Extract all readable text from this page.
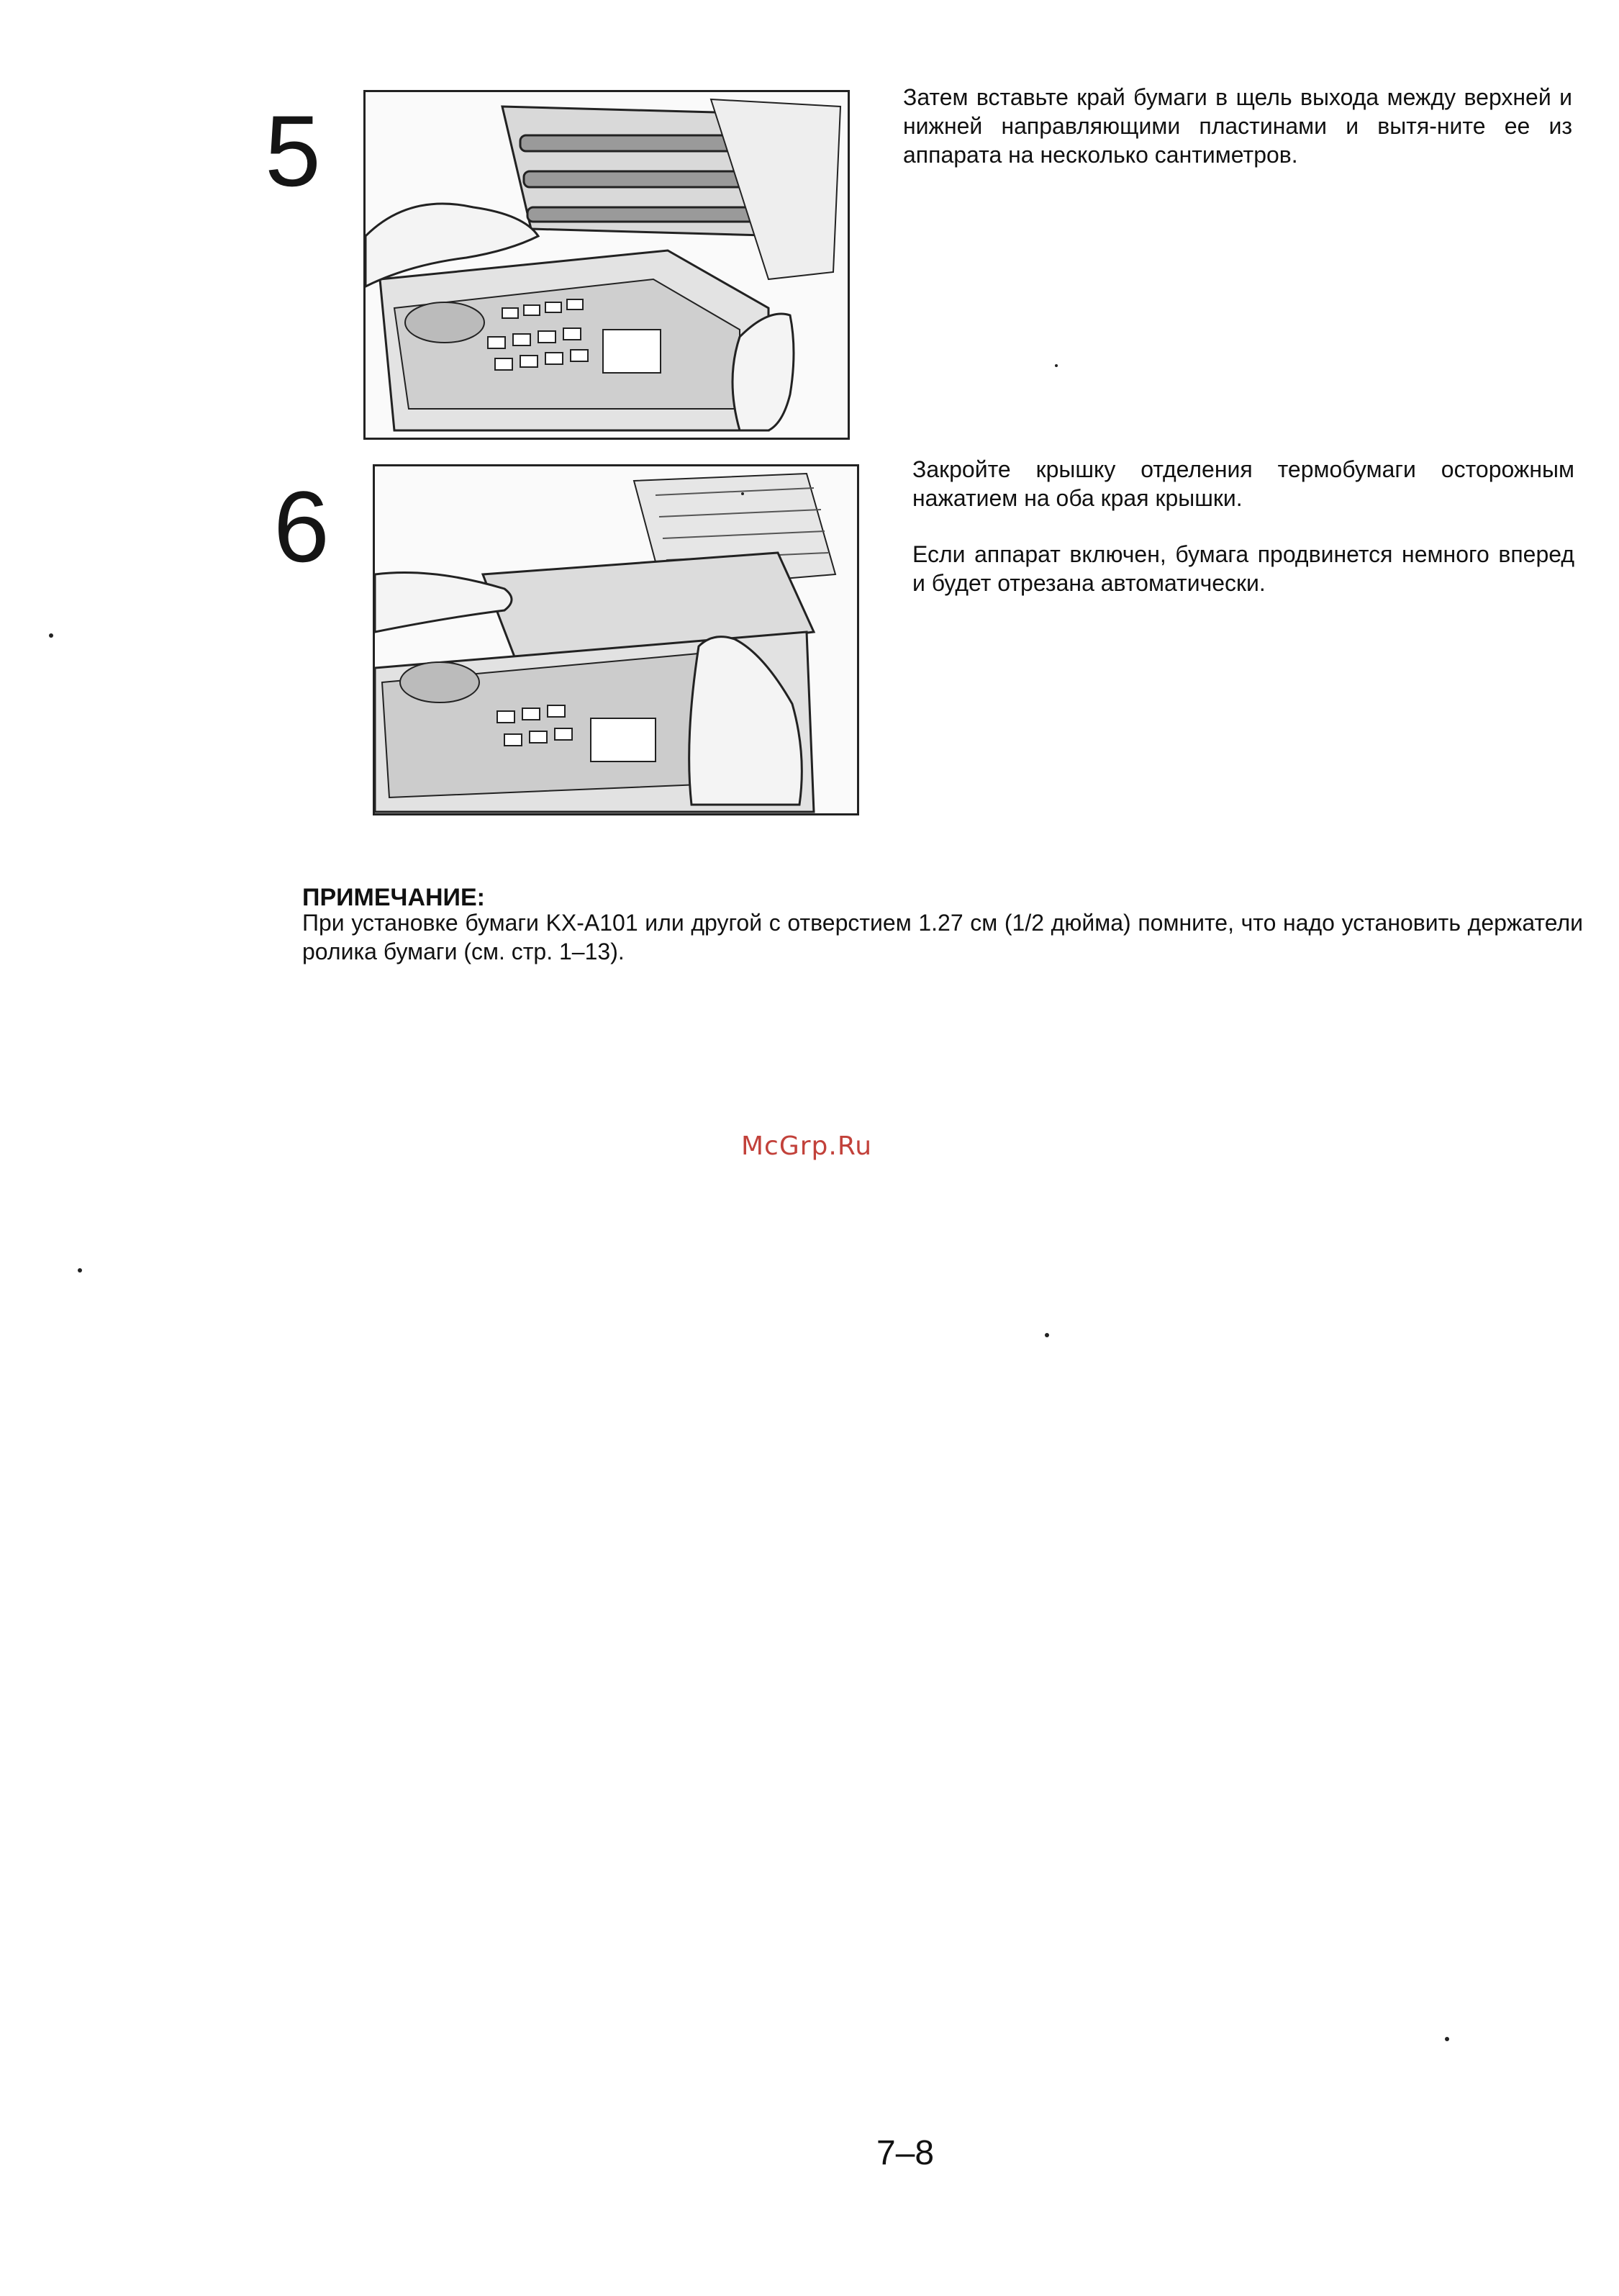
5	Затем вставьте край бумаги в щель выхода между верхней и нижней направляющими пластинами и вытя-ните ее из аппарата на несколько сантиметров.

6

Закройте крышку отделения термобумаги осторожным нажатием на оба края крышки.

Если аппарат включен, бумага продвинется немного вперед и будет отрезана автоматически.

ПРИМЕЧАНИЕ:

При установке бумаги KX-A101 или другой с отверстием 1.27 см (1/2 дюйма) помните, что надо установить держатели ролика бумаги (см. стр. 1–13).

McGrp.Ru
7–8
